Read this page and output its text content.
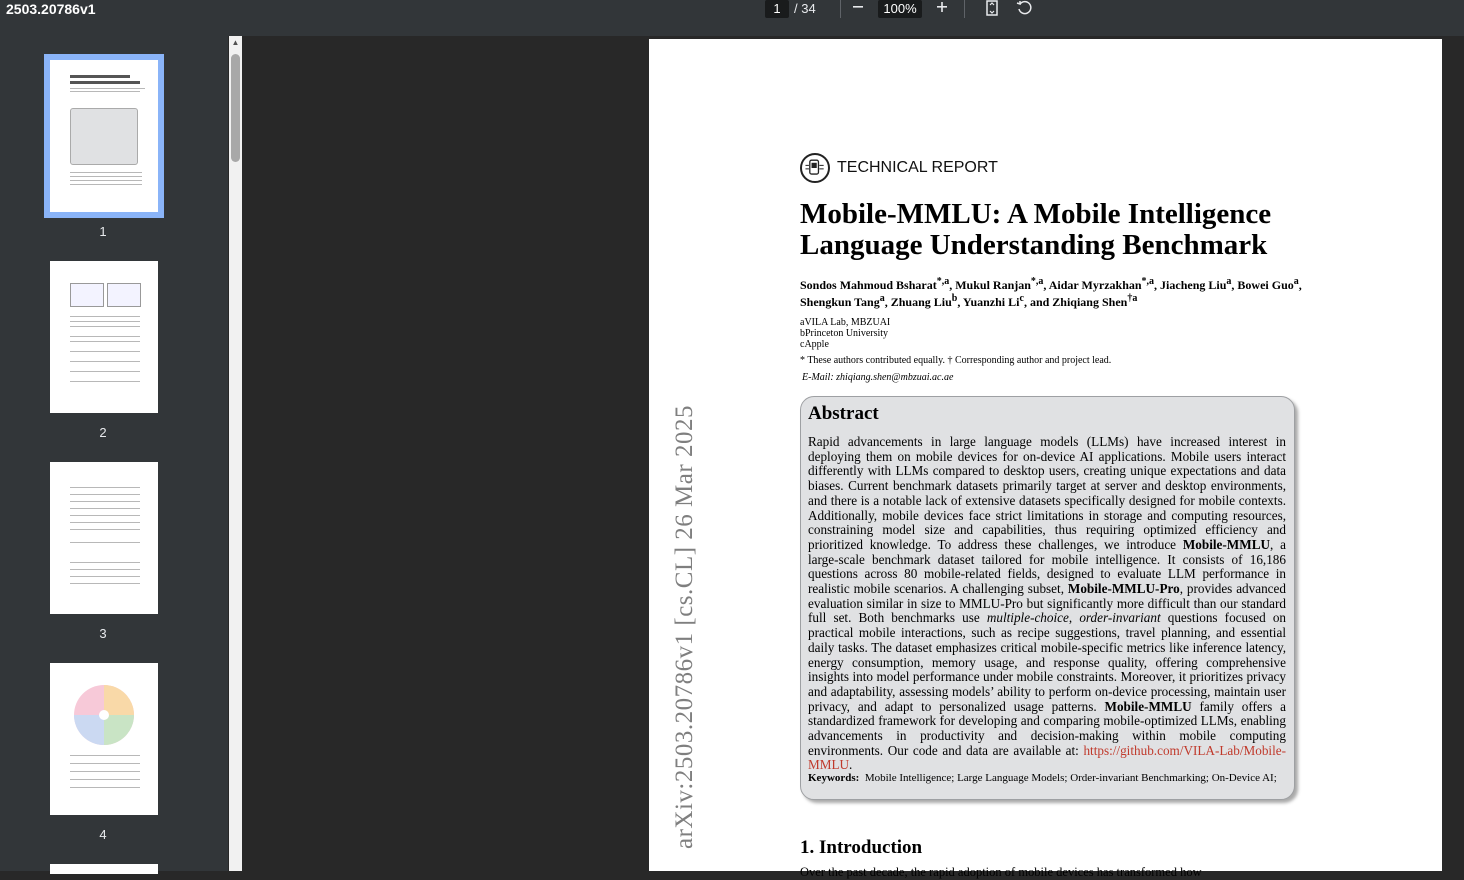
2503.20786v1	1	/ 34	100%
1
2
3
4
▲
arXiv:2503.20786v1 [cs.CL] 26 Mar 2025
TECHNICAL REPORT
Mobile-MMLU: A Mobile Intelligence
Language Understanding Benchmark
Sondos Mahmoud Bsharat$^{*,a}$, Mukul Ranjan$^{*,a}$, Aidar Myrzakhan$^{*,a}$, Jiacheng Liu$^a$, Bowei Guo$^a$, Shengkun Tang$^a$, Zhuang Liu$^b$, Yuanzhi Li$^c$, and Zhiqiang Shen$^{\dagger a}$
aVILA Lab, MBZUAI
bPrinceton University
cApple
* These authors contributed equally. † Corresponding author and project lead.
E-Mail: zhiqiang.shen@mbzuai.ac.ae
Abstract
Rapid advancements in large language models (LLMs) have increased interest in deploying them on mobile devices for on-device AI applications. Mobile users interact differently with LLMs compared to desktop users, creating unique expectations and data biases. Current benchmark datasets primarily target at server and desktop environments, and there is a notable lack of extensive datasets specifically designed for mobile contexts. Additionally, mobile devices face strict limitations in storage and computing resources, constraining model size and capabilities, thus requiring optimized efficiency and prioritized knowledge. To address these challenges, we introduce Mobile-MMLU, a large-scale benchmark dataset tailored for mobile intelligence. It consists of 16,186 questions across 80 mobile-related fields, designed to evaluate LLM performance in realistic mobile scenarios. A challenging subset, Mobile-MMLU-Pro, provides advanced evaluation similar in size to MMLU-Pro but significantly more difficult than our standard full set. Both benchmarks use multiple-choice, order-invariant questions focused on practical mobile interactions, such as recipe suggestions, travel planning, and essential daily tasks. The dataset emphasizes critical mobile-specific metrics like inference latency, energy consumption, memory usage, and response quality, offering comprehensive insights into model performance under mobile constraints. Moreover, it prioritizes privacy and adaptability, assessing models’ ability to perform on-device processing, maintain user privacy, and adapt to personalized usage patterns. Mobile-MMLU family offers a standardized framework for developing and comparing mobile-optimized LLMs, enabling advancements in productivity and decision-making within mobile computing environments. Our code and data are available at: https://github.com/VILA-Lab/Mobile-MMLU.
Keywords: Mobile Intelligence; Large Language Models; Order-invariant Benchmarking; On-Device AI;
1. Introduction
Over the past decade, the rapid adoption of mobile devices has transformed how
